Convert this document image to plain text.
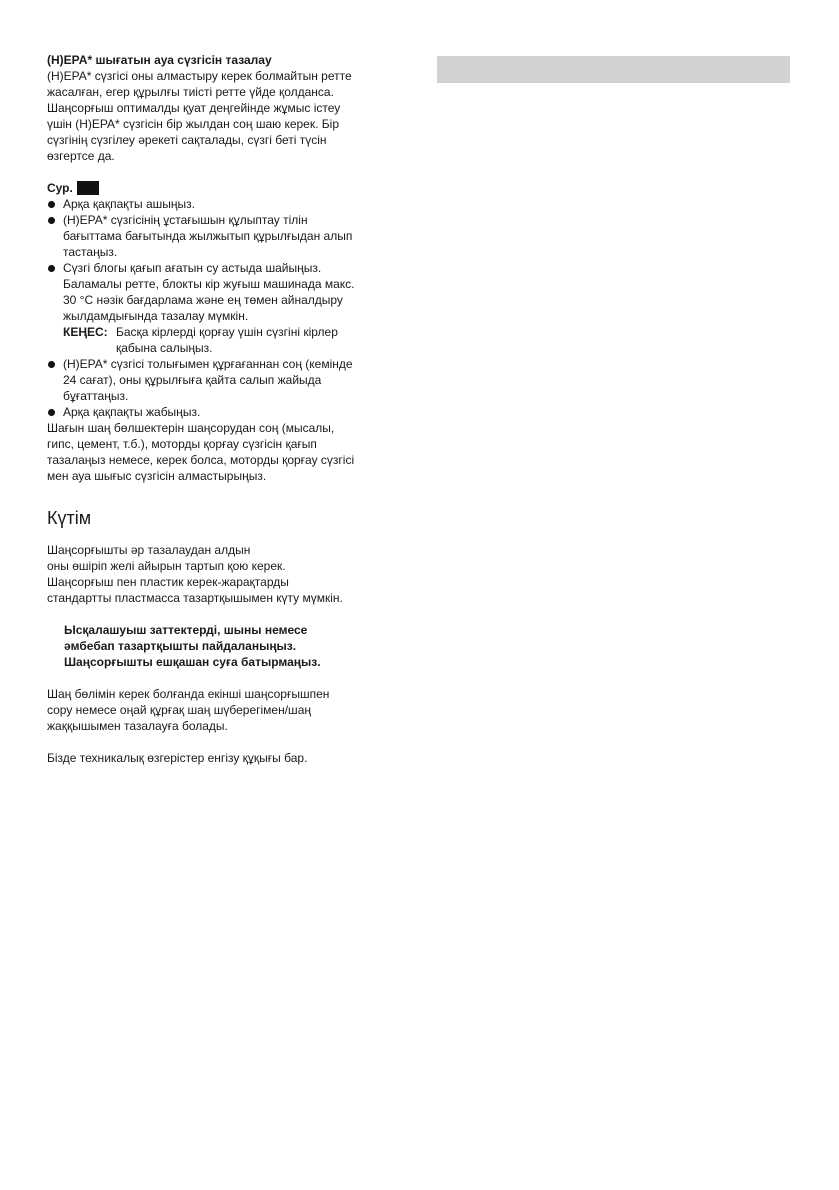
(H)EPA* шығатын ауа сүзгісін тазалау
(H)EPA* сүзгісі оны алмастыру керек болмайтын ретте
жасалған, егер құрылғы тиісті ретте үйде қолданса.
Шаңсорғыш оптималды қуат деңгейінде жұмыс істеу
үшін (H)EPA* сүзгісін бір жылдан соң шаю керек. Бір
сүзгінің сүзгілеу әрекеті сақталады, сүзгі беті түсін
өзгертсе да.
Сур.
Арқа қақпақты ашыңыз.
(H)EPA* сүзгісінің ұстағышын құлыптау тілін
бағыттама бағытында жылжытып құрылғыдан алып
тастаңыз.
Сүзгі блогы қағып ағатын су астыда шайыңыз.
Баламалы ретте, блокты кір жуғыш машинада макс.
30 °C нәзік бағдарлама және ең төмен айналдыру
жылдамдығында тазалау мүмкін.
КЕҢЕС: Басқа кірлерді қорғау үшін сүзгіні кірлер
қабына салыңыз.
(H)EPA* сүзгісі толығымен құрғағаннан соң (кемінде
24 сағат), оны құрылғыға қайта салып жайыда
бұғаттаңыз.
Арқа қақпақты жабыңыз.
Шағын шаң бөлшектерін шаңсорудан соң (мысалы,
гипс, цемент, т.б.), моторды қорғау сүзгісін қағып
тазалаңыз немесе, керек болса, моторды қорғау сүзгісі
мен ауа шығыс сүзгісін алмастырыңыз.
Күтім
Шаңсорғышты әр тазалаудан алдын
оны өшіріп желі айырын тартып қою керек.
Шаңсорғыш пен пластик керек-жарақтарды
стандартты пластмасса тазартқышымен күту мүмкін.
Ысқалашуыш заттектерді, шыны немесе
әмбебап тазартқышты пайдаланыңыз.
Шаңсорғышты ешқашан суға батырмаңыз.
Шаң бөлімін керек болғанда екінші шаңсорғышпен
сору немесе оңай құрғақ шаң шүберегімен/шаң
жаққышымен тазалауға болады.
Бізде техникалық өзгерістер енгізу құқығы бар.
